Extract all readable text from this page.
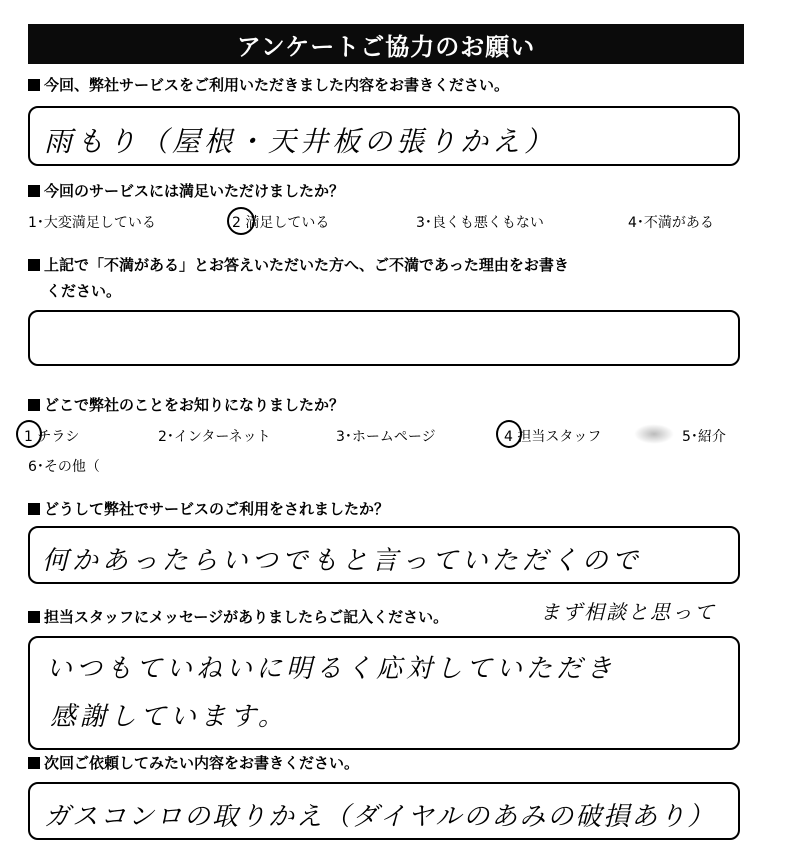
アンケートご協力のお願い
今回、弊社サービスをご利用いただきました内容をお書きください。
雨もり（屋根・天井板の張りかえ）
今回のサービスには満足いただけましたか？
1･大変満足している	2 満足している	3･良くも悪くもない	4･不満がある
上記で「不満がある」とお答えいただいた方へ、ご不満であった理由をお書き
ください。
どこで弊社のことをお知りになりましたか？
1 チラシ	2･インターネット	3･ホームページ	4 担当スタッフ	5･紹介
6･その他（
どうして弊社でサービスのご利用をされましたか？
何かあったらいつでもと言っていただくので
担当スタッフにメッセージがありましたらご記入ください。	まず相談と思って
いつもていねいに明るく応対していただき
感謝しています。
次回ご依頼してみたい内容をお書きください。
ガスコンロの取りかえ（ダイヤルのあみの破損あり）
